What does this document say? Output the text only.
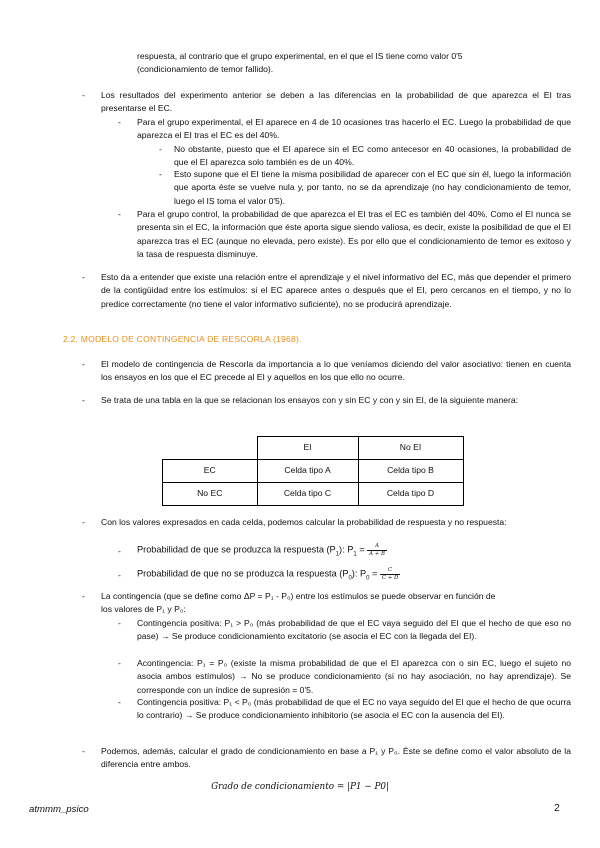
respuesta, al contrario que el grupo experimental, en el que el IS tiene como valor 0'5
(condicionamiento de temor fallido).
- Los resultados del experimento anterior se deben a las diferencias en la probabilidad de que aparezca el EI tras presentarse el EC.
- Para el grupo experimental, el EI aparece en 4 de 10 ocasiones tras hacerlo el EC. Luego la probabilidad de que aparezca el EI tras el EC es del 40%.
- No obstante, puesto que el EI aparece sin el EC como antecesor en 40 ocasiones, la probabilidad de que el EI aparezca solo también es de un 40%.
- Esto supone que el EI tiene la misma posibilidad de aparecer con el EC que sin él, luego la información que aporta éste se vuelve nula y, por tanto, no se da aprendizaje (no hay condicionamiento de temor, luego el IS toma el valor 0'5).
- Para el grupo control, la probabilidad de que aparezca el EI tras el EC es también del 40%. Como el EI nunca se presenta sin el EC, la información que éste aporta sigue siendo valiosa, es decir, existe la posibilidad de que el EI aparezca tras el EC (aunque no elevada, pero existe). Es por ello que el condicionamiento de temor es exitoso y la tasa de respuesta disminuye.
- Esto da a entender que existe una relación entre el aprendizaje y el nivel informativo del EC, más que depender el primero de la contigüidad entre los estímulos: si el EC aparece antes o después que el EI, pero cercanos en el tiempo, y no lo predice correctamente (no tiene el valor informativo suficiente), no se producirá aprendizaje.
2.2. MODELO DE CONTINGENCIA DE RESCORLA (1968).
- El modelo de contingencia de Rescorla da importancia a lo que veníamos diciendo del valor asociativo: tienen en cuenta los ensayos en los que el EC precede al EI y aquellos en los que ello no ocurre.
- Se trata de una tabla en la que se relacionan los ensayos con y sin EC y con y sin EI, de la siguiente manera:
	EI	No EI
EC	Celda tipo A	Celda tipo B
No EC	Celda tipo C	Celda tipo D
- Con los valores expresados en cada celda, podemos calcular la probabilidad de respuesta y no respuesta:
- Probabilidad de que se produzca la respuesta $(P_1)$: $P_1 = \frac{A}{A + B}$
- Probabilidad de que no se produzca la respuesta $(P_0)$: $P_0 = \frac{C}{C + D}$
- La contingencia (que se define como ΔP = P₁ - P₀) entre los estímulos se puede observar en función de
los valores de P₁ y P₀:
- Contingencia positiva: P₁ > P₀ (más probabilidad de que el EC vaya seguido del EI que el hecho de que eso no pase) → Se produce condicionamiento excitatorio (se asocia el EC con la llegada del EI).
- Acontingencia: P₁ = P₀ (existe la misma probabilidad de que el EI aparezca con o sin EC, luego el sujeto no asocia ambos estímulos) → No se produce condicionamiento (si no hay asociación, no hay aprendizaje). Se corresponde con un índice de supresión = 0'5.
- Contingencia positiva: P₁ < P₀ (más probabilidad de que el EC no vaya seguido del EI que el hecho de que ocurra lo contrario) → Se produce condicionamiento inhibitorio (se asocia el EC con la ausencia del EI).
- Podemos, además, calcular el grado de condicionamiento en base a P₁ y P₀. Éste se define como el valor absoluto de la diferencia entre ambos.
Grado de condicionamiento = |P1 − P0|
atmmm_psico	2
